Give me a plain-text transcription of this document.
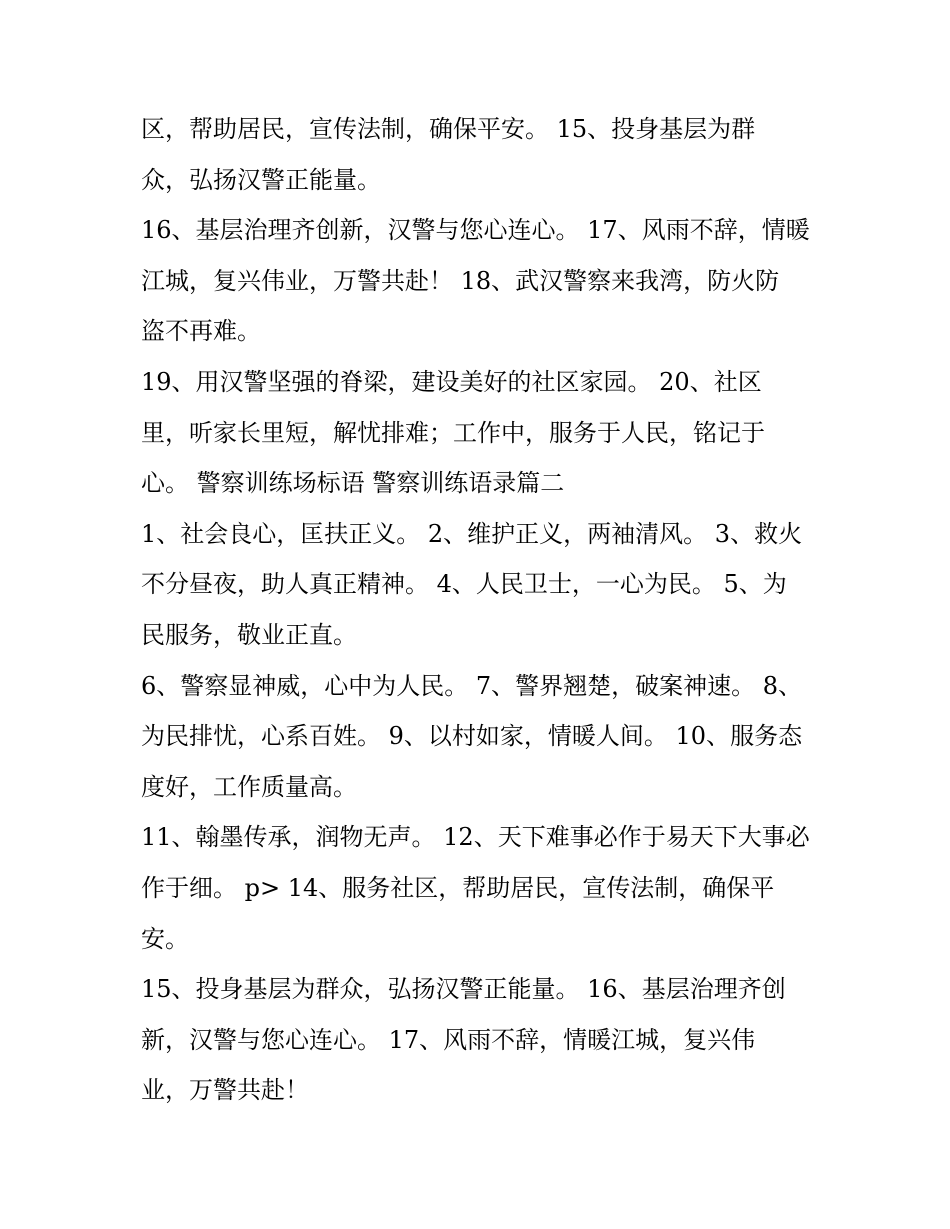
区，帮助居民，宣传法制，确保平安。 15、投身基层为群
众，弘扬汉警正能量。
16、基层治理齐创新，汉警与您心连心。 17、风雨不辞，情暖
江城，复兴伟业，万警共赴！ 18、武汉警察来我湾，防火防
盗不再难。
19、用汉警坚强的脊梁，建设美好的社区家园。 20、社区
里，听家长里短，解忧排难；工作中，服务于人民，铭记于
心。 警察训练场标语 警察训练语录篇二
1、社会良心，匡扶正义。 2、维护正义，两袖清风。 3、救火
不分昼夜，助人真正精神。 4、人民卫士，一心为民。 5、为
民服务，敬业正直。
6、警察显神威，心中为人民。 7、警界翘楚，破案神速。 8、
为民排忧，心系百姓。 9、以村如家，情暖人间。 10、服务态
度好，工作质量高。
11、翰墨传承，润物无声。 12、天下难事必作于易天下大事必
作于细。 p> 14、服务社区，帮助居民，宣传法制，确保平
安。
15、投身基层为群众，弘扬汉警正能量。 16、基层治理齐创
新，汉警与您心连心。 17、风雨不辞，情暖江城，复兴伟
业，万警共赴！
